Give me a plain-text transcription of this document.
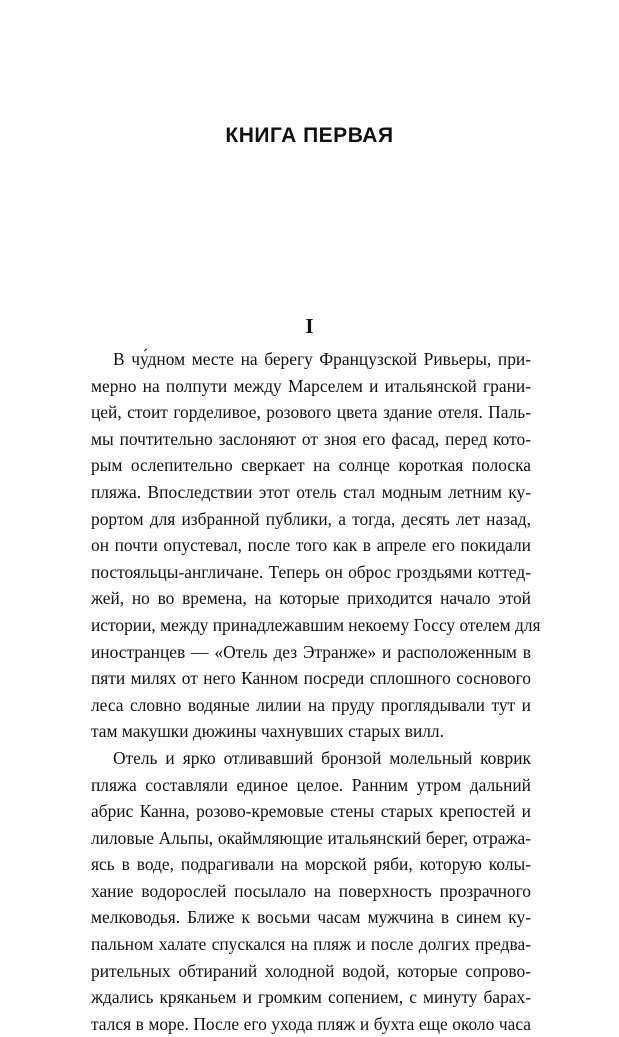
КНИГА ПЕРВАЯ
I
В чу́дном месте на берегу Французской Ривьеры, при-
мерно на полпути между Марселем и итальянской грани-
цей, стоит горделивое, розового цвета здание отеля. Паль-
мы почтительно заслоняют от зноя его фасад, перед кото-
рым ослепительно сверкает на солнце короткая полоска
пляжа. Впоследствии этот отель стал модным летним ку-
рортом для избранной публики, а тогда, десять лет назад,
он почти опустевал, после того как в апреле его покидали
постояльцы-англичане. Теперь он оброс гроздьями коттед-
жей, но во времена, на которые приходится начало этой
истории, между принадлежавшим некоему Госсу отелем для
иностранцев — «Отель дез Этранже» и расположенным в
пяти милях от него Канном посреди сплошного соснового
леса словно водяные лилии на пруду проглядывали тут и
там макушки дюжины чахнувших старых вилл.
Отель и ярко отливавший бронзой молельный коврик
пляжа составляли единое целое. Ранним утром дальний
абрис Канна, розово-кремовые стены старых крепостей и
лиловые Альпы, окаймляющие итальянский берег, отража-
ясь в воде, подрагивали на морской ряби, которую колы-
хание водорослей посылало на поверхность прозрачного
мелководья. Ближе к восьми часам мужчина в синем ку-
пальном халате спускался на пляж и после долгих предва-
рительных обтираний холодной водой, которые сопрово-
ждались кряканьем и громким сопением, с минуту барах-
тался в море. После его ухода пляж и бухта еще около часа
